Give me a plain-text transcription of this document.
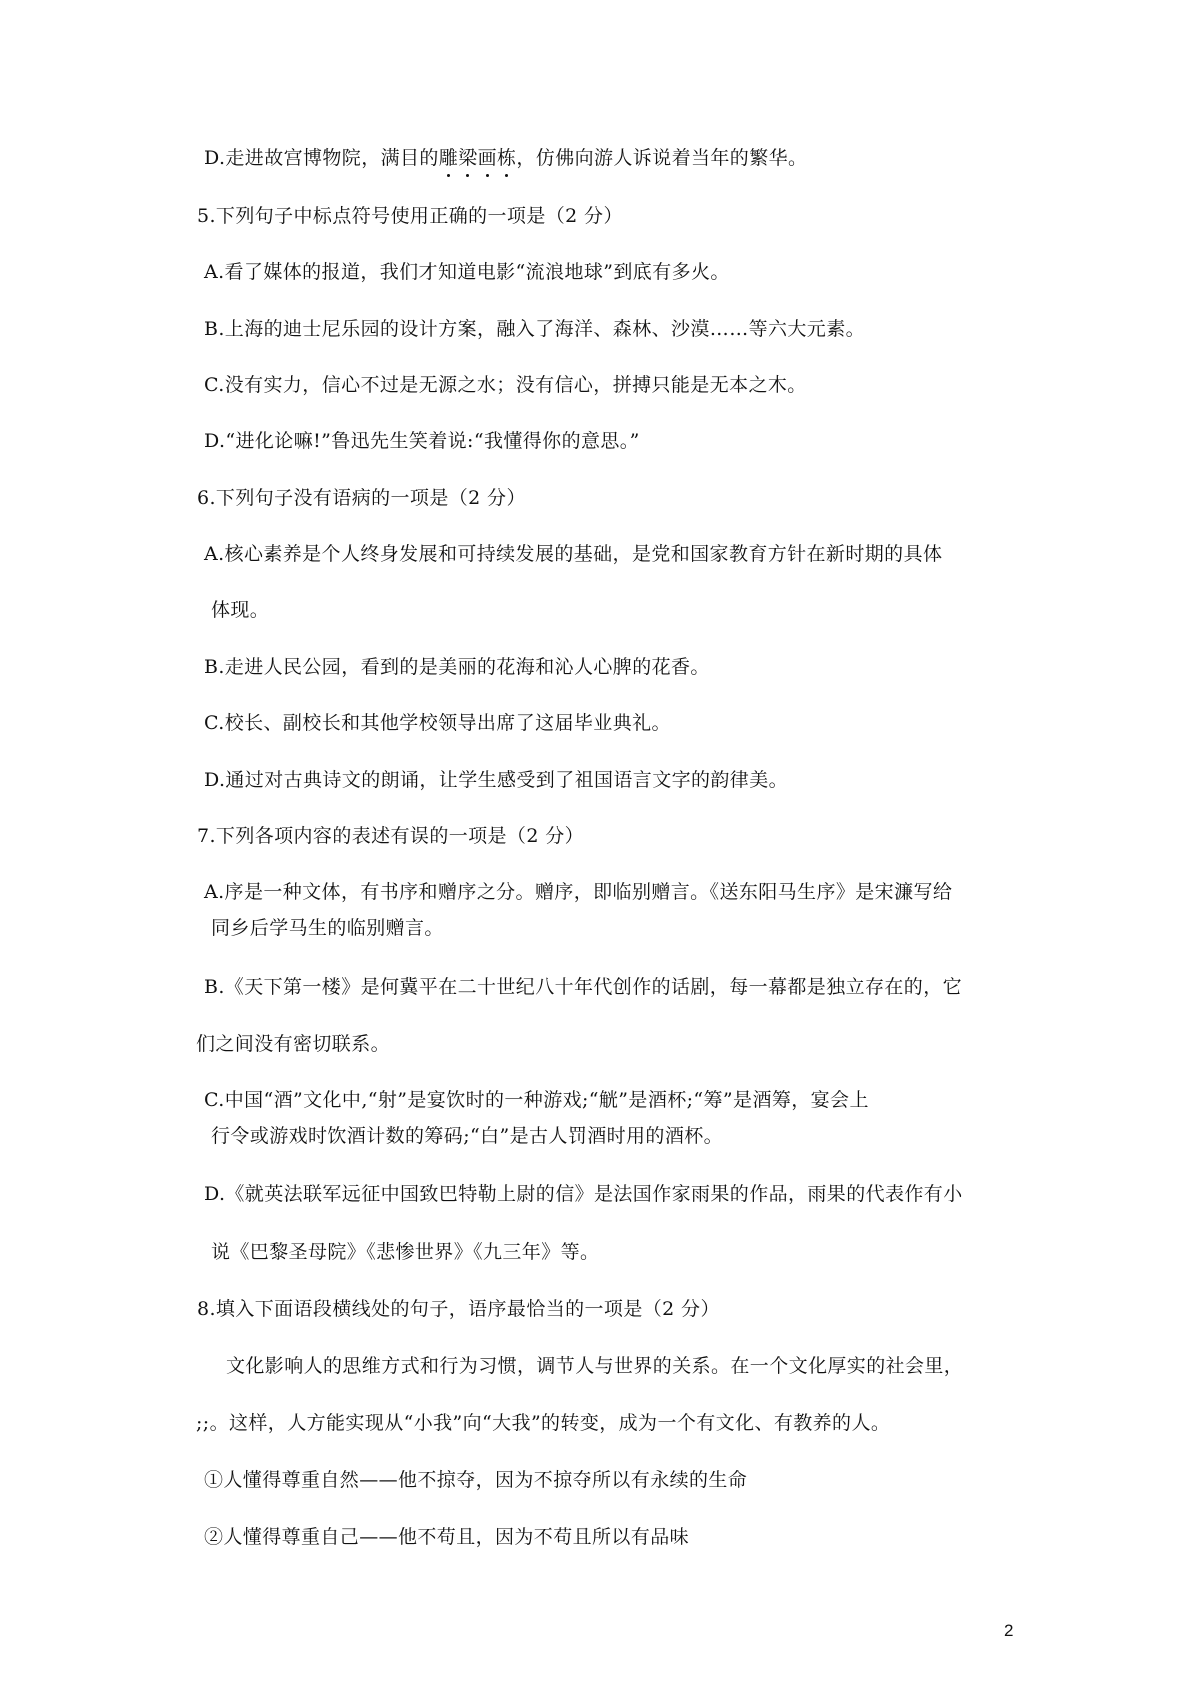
D.走进故宫博物院，满目的雕梁画栋
，仿佛向游人诉说着当年的繁华。

5.下列句子中标点符号使用正确的一项是（2 分）

A.看了媒体的报道，我们才知道电影“流浪地球”到底有多火。

B.上海的迪士尼乐园的设计方案，融入了海洋、森林、沙漠……等六大元素。

C.没有实力，信心不过是无源之水；没有信心，拼搏只能是无本之木。

D.“进化论嘛!”鲁迅先生笑着说:“我懂得你的意思。”

6.下列句子没有语病的一项是（2 分）

A.核心素养是个人终身发展和可持续发展的基础，是党和国家教育方针在新时期的具体

体现。

B.走进人民公园，看到的是美丽的花海和沁人心脾的花香。

C.校长、副校长和其他学校领导出席了这届毕业典礼。

D.通过对古典诗文的朗诵，让学生感受到了祖国语言文字的韵律美。

7.下列各项内容的表述有误的一项是（2 分）

A.序是一种文体，有书序和赠序之分。赠序，即临别赠言。《送东阳马生序》是宋濂写给

同乡后学马生的临别赠言。

B.《天下第一楼》是何冀平在二十世纪八十年代创作的话剧，每一幕都是独立存在的，它

们之间没有密切联系。

C.中国“酒”文化中,“射”是宴饮时的一种游戏;“觥”是酒杯;“筹”是酒筹，宴会上

行令或游戏时饮酒计数的筹码;“白”是古人罚酒时用的酒杯。

D.《就英法联军远征中国致巴特勒上尉的信》是法国作家雨果的作品，雨果的代表作有小

说《巴黎圣母院》《悲惨世界》《九三年》等。

8.填入下面语段横线处的句子，语序最恰当的一项是（2 分）

文化影响人的思维方式和行为习惯，调节人与世界的关系。在一个文化厚实的社会里，

;;。这样，人方能实现从“小我”向“大我”的转变，成为一个有文化、有教养的人。

①人懂得尊重自然——他不掠夺，因为不掠夺所以有永续的生命

②人懂得尊重自己——他不苟且，因为不苟且所以有品味

2
